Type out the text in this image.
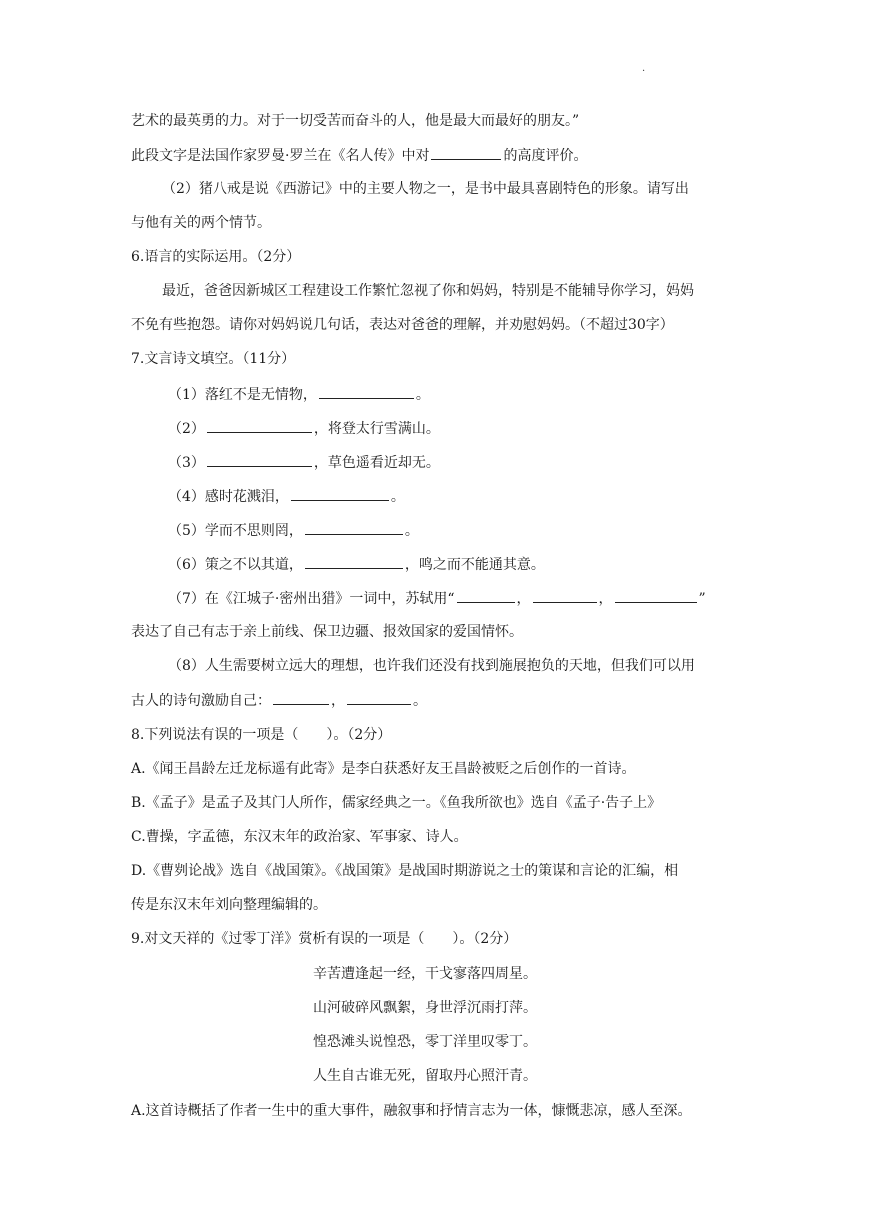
·
艺术的最英勇的力。对于一切受苦而奋斗的人，他是最大而最好的朋友。”
此段文字是法国作家罗曼·罗兰在《名人传》中对	的高度评价。
（2）猪八戒是说《西游记》中的主要人物之一，是书中最具喜剧特色的形象。请写出
与他有关的两个情节。
6.语言的实际运用。（2分）
最近，爸爸因新城区工程建设工作繁忙忽视了你和妈妈，特别是不能辅导你学习，妈妈
不免有些抱怨。请你对妈妈说几句话，表达对爸爸的理解，并劝慰妈妈。（不超过30字）
7.文言诗文填空。（11分）
（1）落红不是无情物，	。
（2）	，将登太行雪满山。
（3）	，草色遥看近却无。
（4）感时花溅泪，	。
（5）学而不思则罔，	。
（6）策之不以其道，	，鸣之而不能通其意。
（7）在《江城子·密州出猎》一词中，苏轼用“	，	，	”
表达了自己有志于亲上前线、保卫边疆、报效国家的爱国情怀。
（8）人生需要树立远大的理想，也许我们还没有找到施展抱负的天地，但我们可以用
古人的诗句激励自己：	，	。
8.下列说法有误的一项是（　　）。（2分）
A.《闻王昌龄左迁龙标遥有此寄》是李白获悉好友王昌龄被贬之后创作的一首诗。
B.《孟子》是孟子及其门人所作，儒家经典之一。《鱼我所欲也》选自《孟子·告子上》
C.曹操，字孟德，东汉末年的政治家、军事家、诗人。
D.《曹刿论战》选自《战国策》。《战国策》是战国时期游说之士的策谋和言论的汇编，相
传是东汉末年刘向整理编辑的。
9.对文天祥的《过零丁洋》赏析有误的一项是（　　）。（2分）
辛苦遭逢起一经，干戈寥落四周星。
山河破碎风飘絮，身世浮沉雨打萍。
惶恐滩头说惶恐，零丁洋里叹零丁。
人生自古谁无死，留取丹心照汗青。
A.这首诗概括了作者一生中的重大事件，融叙事和抒情言志为一体，慷慨悲凉，感人至深。
